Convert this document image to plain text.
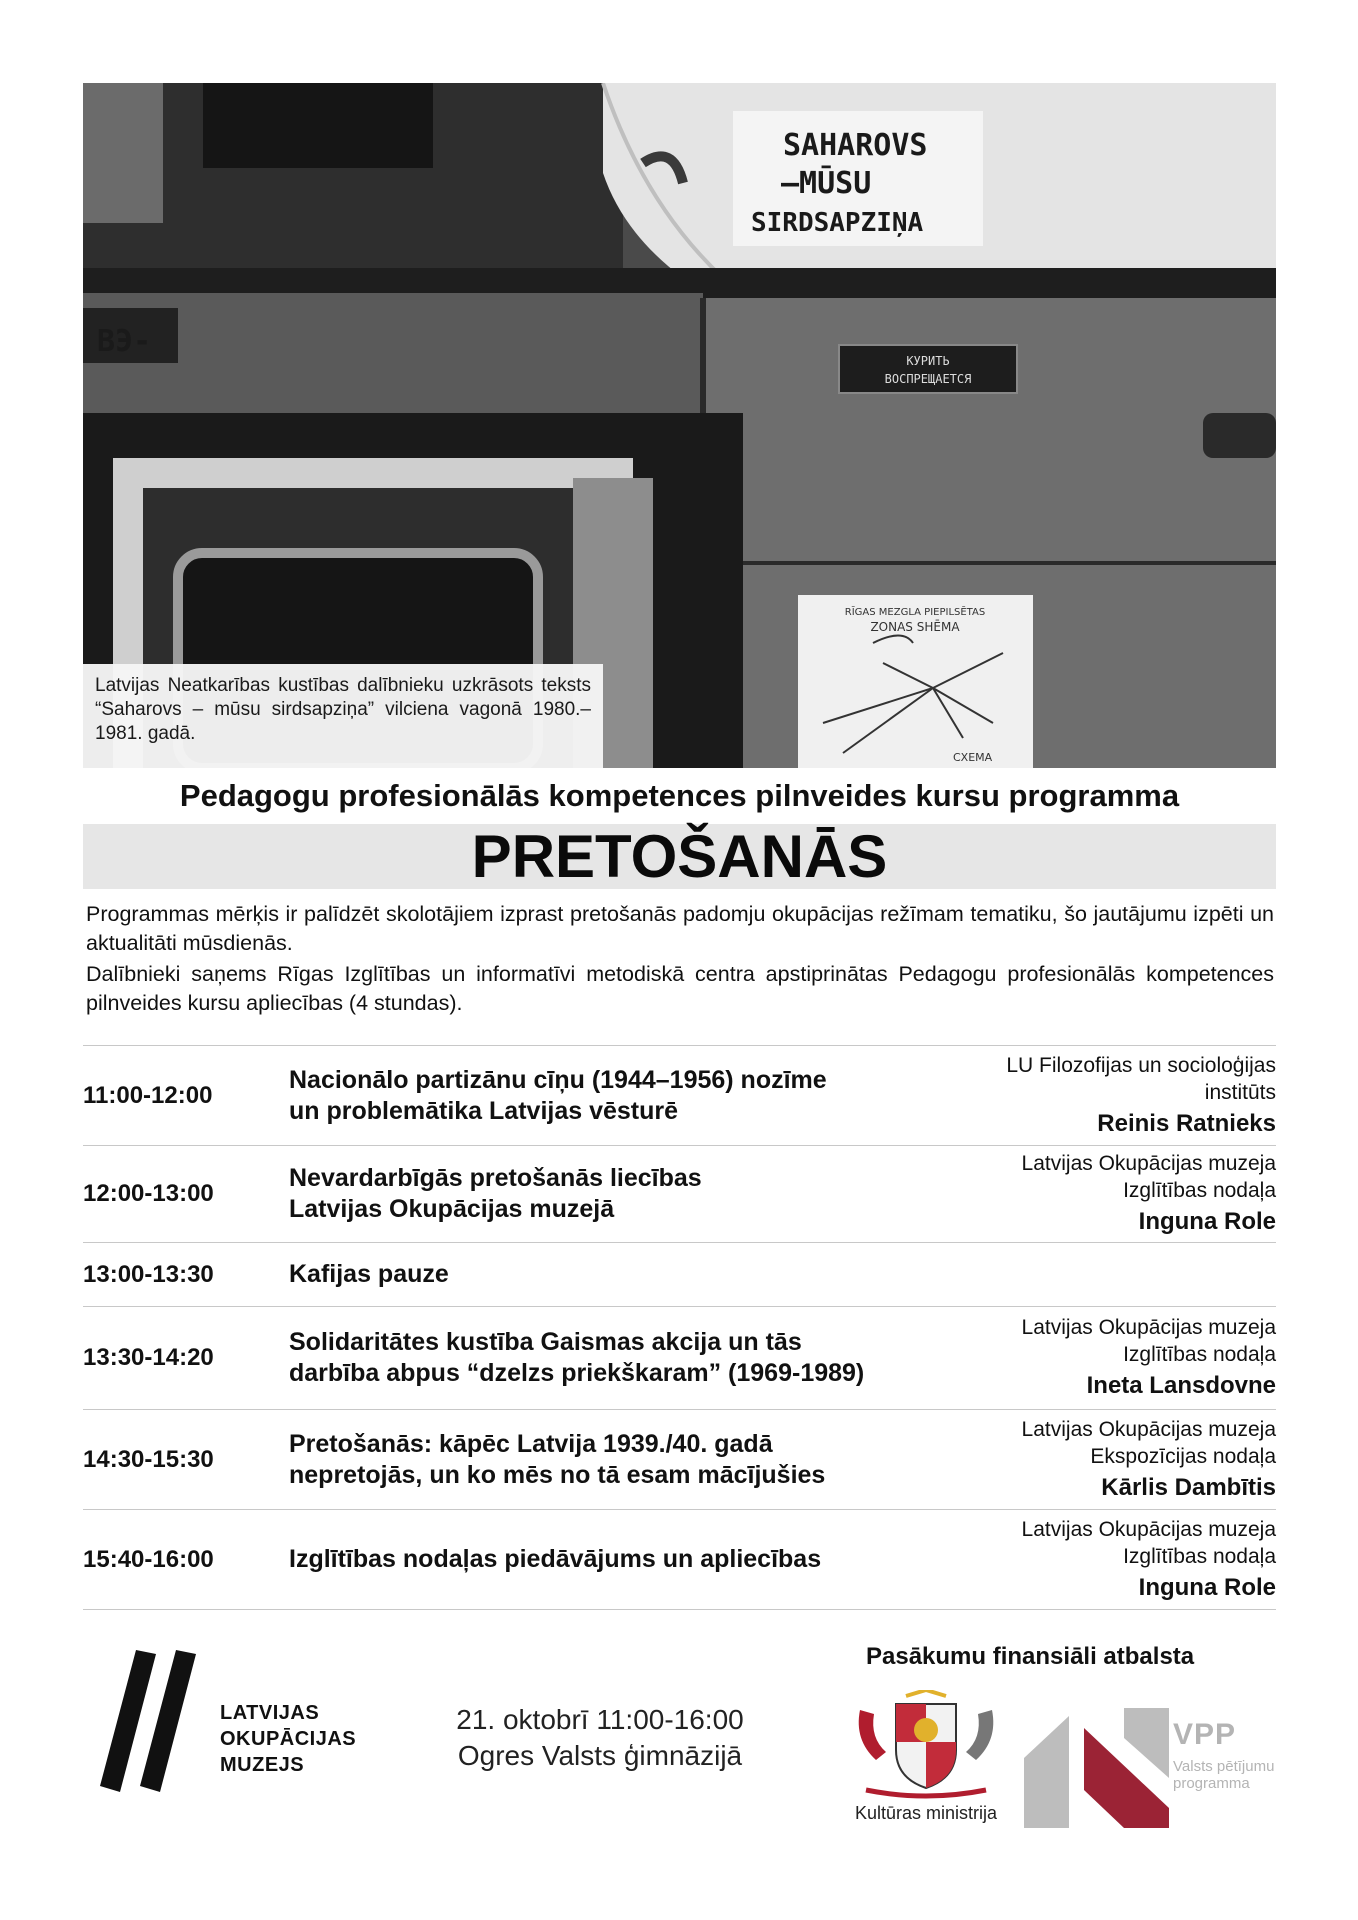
SAHAROVS
–MŪSU
SIRDSAPZIŅA
ВЭ-
КУРИТЬ
ВОСПРЕЩАЕТСЯ
RĪGAS MEZGLA PIEPILSĒTAS
ZONAS SHĒMA
СХЕМА
Latvijas Neatkarības kustības dalībnieku uzkrāsots teksts “Saharovs – mūsu sirdsapziņa” vilciena vagonā 1980.–1981. gadā.
Pedagogu profesionālās kompetences pilnveides kursu programma
PRETOŠANĀS

Programmas mērķis ir palīdzēt skolotājiem izprast pretošanās padomju okupācijas režīmam tematiku, šo jautājumu izpēti un aktualitāti mūsdienās.

Dalībnieki saņems Rīgas Izglītības un informatīvi metodiskā centra apstiprinātas Pedagogu profesionālās kompetences pilnveides kursu apliecības (4 stundas).

11:00-12:00
Nacionālo partizānu cīņu (1944–1956) nozīme
un problemātika Latvijas vēsturē
LU Filozofijas un socioloģijas
institūts
Reinis Ratnieks
12:00-13:00
Nevardarbīgās pretošanās liecības
Latvijas Okupācijas muzejā
Latvijas Okupācijas muzeja
Izglītības nodaļa
Inguna Role
13:00-13:30	Kafijas pauze
13:30-14:20
Solidaritātes kustība Gaismas akcija un tās
darbība abpus “dzelzs priekškaram” (1969-1989)
Latvijas Okupācijas muzeja
Izglītības nodaļa
Ineta Lansdovne
14:30-15:30
Pretošanās: kāpēc Latvija 1939./40. gadā
nepretojās, un ko mēs no tā esam mācījušies
Latvijas Okupācijas muzeja
Ekspozīcijas nodaļa
Kārlis Dambītis
15:40-16:00	Izglītības nodaļas piedāvājums un apliecības
Latvijas Okupācijas muzeja
Izglītības nodaļa
Inguna Role
LATVIJAS
OKUPĀCIJAS
MUZEJS
21. oktobrī 11:00-16:00
Ogres Valsts ģimnāzijā
Pasākumu finansiāli atbalsta
Kultūras ministrija
VPP
Valsts pētījumu
programma
